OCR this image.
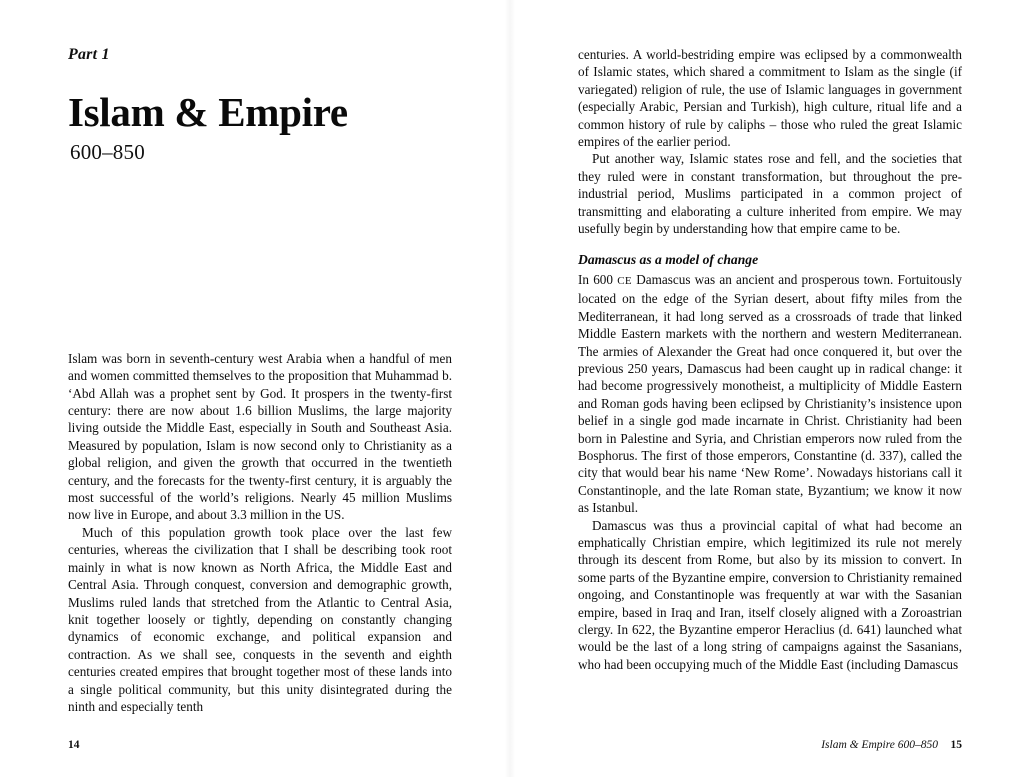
Part 1
Islam & Empire
600–850

Islam was born in seventh-century west Arabia when a handful of men and women committed themselves to the proposition that Muhammad b. ‘Abd Allah was a prophet sent by God. It prospers in the twenty-first century: there are now about 1.6 billion Muslims, the large majority living outside the Middle East, especially in South and Southeast Asia. Measured by population, Islam is now second only to Christianity as a global religion, and given the growth that occurred in the twentieth century, and the forecasts for the twenty-first century, it is arguably the most successful of the world’s religions. Nearly 45 million Muslims now live in Europe, and about 3.3 million in the US.

Much of this population growth took place over the last few centuries, whereas the civilization that I shall be describing took root mainly in what is now known as North Africa, the Middle East and Central Asia. Through conquest, conversion and demographic growth, Muslims ruled lands that stretched from the Atlantic to Central Asia, knit together loosely or tightly, depending on constantly changing dynamics of economic exchange, and political expansion and contraction. As we shall see, conquests in the seventh and eighth centuries created empires that brought together most of these lands into a single political community, but this unity disintegrated during the ninth and especially tenth

14

centuries. A world-bestriding empire was eclipsed by a commonwealth of Islamic states, which shared a commitment to Islam as the single (if variegated) religion of rule, the use of Islamic languages in government (especially Arabic, Persian and Turkish), high culture, ritual life and a common history of rule by caliphs – those who ruled the great Islamic empires of the earlier period.

Put another way, Islamic states rose and fell, and the societies that they ruled were in constant transformation, but throughout the pre-industrial period, Muslims participated in a common project of transmitting and elaborating a culture inherited from empire. We may usefully begin by understanding how that empire came to be.

Damascus as a model of change

In 600 CE Damascus was an ancient and prosperous town. Fortuitously located on the edge of the Syrian desert, about fifty miles from the Mediterranean, it had long served as a crossroads of trade that linked Middle Eastern markets with the northern and western Mediterranean. The armies of Alexander the Great had once conquered it, but over the previous 250 years, Damascus had been caught up in radical change: it had become progressively monotheist, a multiplicity of Middle Eastern and Roman gods having been eclipsed by Christianity’s insistence upon belief in a single god made incarnate in Christ. Christianity had been born in Palestine and Syria, and Christian emperors now ruled from the Bosphorus. The first of those emperors, Constantine (d. 337), called the city that would bear his name ‘New Rome’. Nowadays historians call it Constantinople, and the late Roman state, Byzantium; we know it now as Istanbul.

Damascus was thus a provincial capital of what had become an emphatically Christian empire, which legitimized its rule not merely through its descent from Rome, but also by its mission to convert. In some parts of the Byzantine empire, conversion to Christianity remained ongoing, and Constantinople was frequently at war with the Sasanian empire, based in Iraq and Iran, itself closely aligned with a Zoroastrian clergy. In 622, the Byzantine emperor Heraclius (d. 641) launched what would be the last of a long string of campaigns against the Sasanians, who had been occupying much of the Middle East (including Damascus

Islam & Empire 600–850 15
